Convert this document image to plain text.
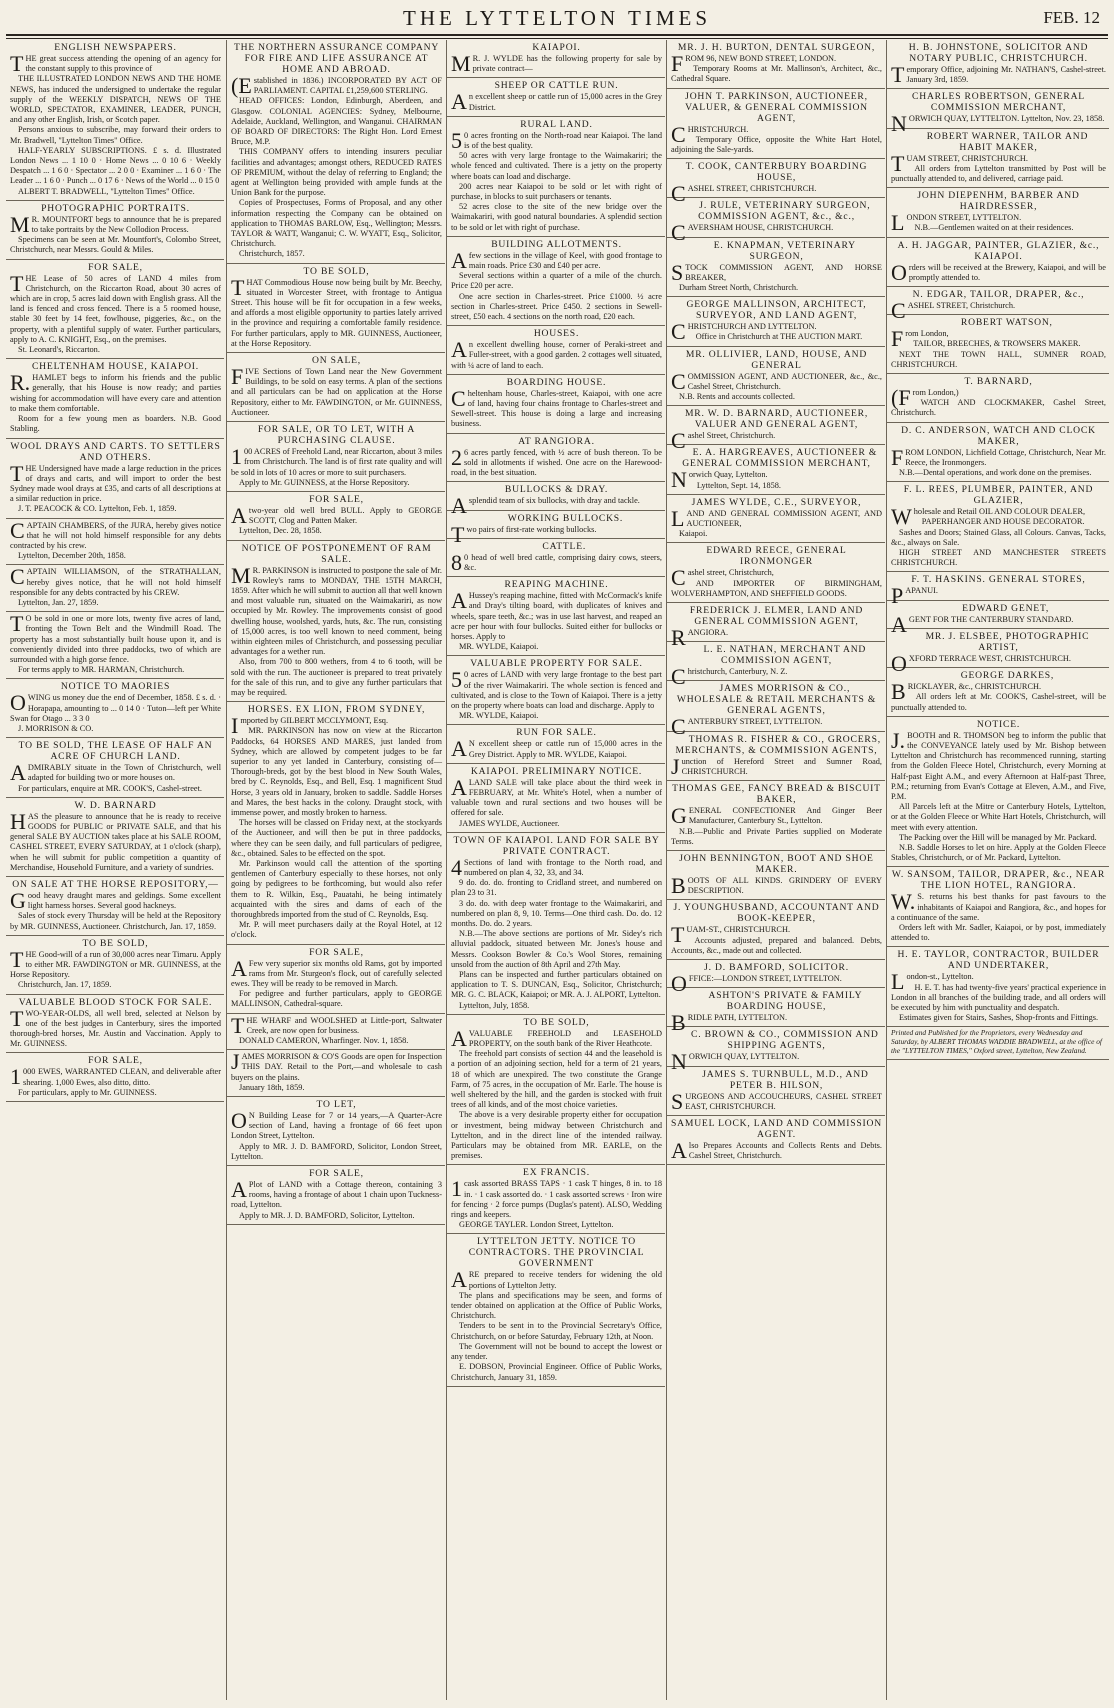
THE LYTTELTON TIMES	FEB. 12
ENGLISH NEWSPAPERS.

THE great success attending the opening of an agency for the constant supply to this province of

THE ILLUSTRATED LONDON NEWS AND THE HOME NEWS, has induced the undersigned to undertake the regular supply of the WEEKLY DISPATCH, NEWS OF THE WORLD, SPECTATOR, EXAMINER, LEADER, PUNCH, and any other English, Irish, or Scotch paper.

Persons anxious to subscribe, may forward their orders to Mr. Bradwell, "Lyttelton Times" Office.

HALF-YEARLY SUBSCRIPTIONS. £ s. d. Illustrated London News ... 1 10 0 · Home News ... 0 10 6 · Weekly Despatch ... 1 6 0 · Spectator ... 2 0 0 · Examiner ... 1 6 0 · The Leader ... 1 6 0 · Punch ... 0 17 6 · News of the World ... 0 15 0

ALBERT T. BRADWELL, "Lyttelton Times" Office.

PHOTOGRAPHIC PORTRAITS.

MR. MOUNTFORT begs to announce that he is prepared to take portraits by the New Collodion Process.

Specimens can be seen at Mr. Mountfort's, Colombo Street, Christchurch, near Messrs. Gould & Miles.

FOR SALE,

THE Lease of 50 acres of LAND 4 miles from Christchurch, on the Riccarton Road, about 30 acres of which are in crop, 5 acres laid down with English grass. All the land is fenced and cross fenced. There is a 5 roomed house, stable 30 feet by 14 feet, fowlhouse, piggeries, &c., on the property, with a plentiful supply of water. Further particulars, apply to A. C. KNIGHT, Esq., on the premises.

St. Leonard's, Riccarton.

CHELTENHAM HOUSE, KAIAPOI.

R.HAMLET begs to inform his friends and the public generally, that his House is now ready; and parties wishing for accommodation will have every care and attention to make them comfortable.

Room for a few young men as boarders. N.B. Good Stabling.

WOOL DRAYS AND CARTS. TO SETTLERS AND OTHERS.

THE Undersigned have made a large reduction in the prices of drays and carts, and will import to order the best Sydney made wool drays at £35, and carts of all descriptions at a similar reduction in price.

J. T. PEACOCK & CO. Lyttelton, Feb. 1, 1859.

CAPTAIN CHAMBERS, of the JURA, hereby gives notice that he will not hold himself responsible for any debts contracted by his crew.

Lyttelton, December 20th, 1858.

CAPTAIN WILLIAMSON, of the STRATHALLAN, hereby gives notice, that he will not hold himself responsible for any debts contracted by his CREW.

Lyttelton, Jan. 27, 1859.

TO be sold in one or more lots, twenty five acres of land, fronting the Town Belt and the Windmill Road. The property has a most substantially built house upon it, and is conveniently divided into three paddocks, two of which are surrounded with a high gorse fence.

For terms apply to MR. HARMAN, Christchurch.

NOTICE TO MAORIES

OWING us money due the end of December, 1858. £ s. d. · Horapapa, amounting to ... 0 14 0 · Tuton—left per White Swan for Otago ... 3 3 0

J. MORRISON & CO.

TO BE SOLD, THE LEASE OF HALF AN ACRE OF CHURCH LAND.

ADMIRABLY situate in the Town of Christchurch, well adapted for building two or more houses on.

For particulars, enquire at MR. COOK'S, Cashel-street.

W. D. BARNARD

HAS the pleasure to announce that he is ready to receive GOODS for PUBLIC or PRIVATE SALE, and that his general SALE BY AUCTION takes place at his SALE ROOM, CASHEL STREET, EVERY SATURDAY, at 1 o'clock (sharp), when he will submit for public competition a quantity of Merchandise, Household Furniture, and a variety of sundries.

ON SALE AT THE HORSE REPOSITORY,—

Good heavy draught mares and geldings. Some excellent light harness horses. Several good hackneys.

Sales of stock every Thursday will be held at the Repository by MR. GUINNESS, Auctioneer. Christchurch, Jan. 17, 1859.

TO BE SOLD,

THE Good-will of a run of 30,000 acres near Timaru. Apply to either MR. FAWDINGTON or MR. GUINNESS, at the Horse Repository.

Christchurch, Jan. 17, 1859.

VALUABLE BLOOD STOCK FOR SALE.

TWO-YEAR-OLDS, all well bred, selected at Nelson by one of the best judges in Canterbury, sires the imported thorough-bred horses, Mr. Austin and Vaccination. Apply to Mr. GUINNESS.

FOR SALE,

1000 EWES, WARRANTED CLEAN, and deliverable after shearing. 1,000 Ewes, also ditto, ditto.

For particulars, apply to Mr. GUINNESS.

THE NORTHERN ASSURANCE COMPANY FOR FIRE AND LIFE ASSURANCE AT HOME AND ABROAD.

(Established in 1836.) INCORPORATED BY ACT OF PARLIAMENT. CAPITAL £1,259,600 STERLING.

HEAD OFFICES: London, Edinburgh, Aberdeen, and Glasgow. COLONIAL AGENCIES: Sydney, Melbourne, Adelaide, Auckland, Wellington, and Wanganui. CHAIRMAN OF BOARD OF DIRECTORS: The Right Hon. Lord Ernest Bruce, M.P.

THIS COMPANY offers to intending insurers peculiar facilities and advantages; amongst others, REDUCED RATES OF PREMIUM, without the delay of referring to England; the agent at Wellington being provided with ample funds at the Union Bank for the purpose.

Copies of Prospectuses, Forms of Proposal, and any other information respecting the Company can be obtained on application to THOMAS BARLOW, Esq., Wellington; Messrs. TAYLOR & WATT, Wanganui; C. W. WYATT, Esq., Solicitor, Christchurch.

Christchurch, 1857.

TO BE SOLD,

THAT Commodious House now being built by Mr. Beechy, situated in Worcester Street, with frontage to Antigua Street. This house will be fit for occupation in a few weeks, and affords a most eligible opportunity to parties lately arrived in the province and requiring a comfortable family residence. For further particulars, apply to MR. GUINNESS, Auctioneer, at the Horse Repository.

ON SALE,

FIVE Sections of Town Land near the New Government Buildings, to be sold on easy terms. A plan of the sections and all particulars can be had on application at the Horse Repository, either to Mr. FAWDINGTON, or Mr. GUINNESS, Auctioneer.

FOR SALE, OR TO LET, WITH A PURCHASING CLAUSE.

100 ACRES of Freehold Land, near Riccarton, about 3 miles from Christchurch. The land is of first rate quality and will be sold in lots of 10 acres or more to suit purchasers.

Apply to Mr. GUINNESS, at the Horse Repository.

FOR SALE,

Atwo-year old well bred BULL. Apply to GEORGE SCOTT, Clog and Patten Maker.

Lyttelton, Dec. 28, 1858.

NOTICE OF POSTPONEMENT OF RAM SALE.

MR. PARKINSON is instructed to postpone the sale of Mr. Rowley's rams to MONDAY, THE 15TH MARCH, 1859. After which he will submit to auction all that well known and most valuable run, situated on the Waimakariri, as now occupied by Mr. Rowley. The improvements consist of good dwelling house, woolshed, yards, huts, &c. The run, consisting of 15,000 acres, is too well known to need comment, being within eighteen miles of Christchurch, and possessing peculiar advantages for a wether run.

Also, from 700 to 800 wethers, from 4 to 6 tooth, will be sold with the run. The auctioneer is prepared to treat privately for the sale of this run, and to give any further particulars that may be required.

HORSES. EX LION, FROM SYDNEY,

Imported by GILBERT MCCLYMONT, Esq.

MR. PARKINSON has now on view at the Riccarton Paddocks, 64 HORSES AND MARES, just landed from Sydney, which are allowed by competent judges to be far superior to any yet landed in Canterbury, consisting of—Thorough-breds, got by the best blood in New South Wales, bred by C. Reynolds, Esq., and Bell, Esq. 1 magnificent Stud Horse, 3 years old in January, broken to saddle. Saddle Horses and Mares, the best hacks in the colony. Draught stock, with immense power, and mostly broken to harness.

The horses will be classed on Friday next, at the stockyards of the Auctioneer, and will then be put in three paddocks, where they can be seen daily, and full particulars of pedigree, &c., obtained. Sales to be effected on the spot.

Mr. Parkinson would call the attention of the sporting gentlemen of Canterbury especially to these horses, not only going by pedigrees to be forthcoming, but would also refer them to R. Wilkin, Esq., Pauatahi, he being intimately acquainted with the sires and dams of each of the thoroughbreds imported from the stud of C. Reynolds, Esq.

Mr. P. will meet purchasers daily at the Royal Hotel, at 12 o'clock.

FOR SALE,

AFew very superior six months old Rams, got by imported rams from Mr. Sturgeon's flock, out of carefully selected ewes. They will be ready to be removed in March.

For pedigree and further particulars, apply to GEORGE MALLINSON, Cathedral-square.

THE WHARF and WOOLSHED at Little-port, Saltwater Creek, are now open for business.

DONALD CAMERON, Wharfinger. Nov. 1, 1858.

JAMES MORRISON & CO'S Goods are open for Inspection THIS DAY. Retail to the Port,—and wholesale to cash buyers on the plains.

January 18th, 1859.

TO LET,

ON Building Lease for 7 or 14 years,—A Quarter-Acre section of Land, having a frontage of 66 feet upon London Street, Lyttelton.

Apply to MR. J. D. BAMFORD, Solicitor, London Street, Lyttelton.

FOR SALE,

APlot of LAND with a Cottage thereon, containing 3 rooms, having a frontage of about 1 chain upon Tuckness-road, Lyttelton.

Apply to MR. J. D. BAMFORD, Solicitor, Lyttelton.

KAIAPOI.

MR. J. WYLDE has the following property for sale by private contract—

SHEEP OR CATTLE RUN.

An excellent sheep or cattle run of 15,000 acres in the Grey District.

RURAL LAND.

50 acres fronting on the North-road near Kaiapoi. The land is of the best quality.

50 acres with very large frontage to the Waimakariri; the whole fenced and cultivated. There is a jetty on the property where boats can load and discharge.

200 acres near Kaiapoi to be sold or let with right of purchase, in blocks to suit purchasers or tenants.

52 acres close to the site of the new bridge over the Waimakariri, with good natural boundaries. A splendid section to be sold or let with right of purchase.

BUILDING ALLOTMENTS.

Afew sections in the village of Keel, with good frontage to main roads. Price £30 and £40 per acre.

Several sections within a quarter of a mile of the church. Price £20 per acre.

One acre section in Charles-street. Price £1000. ½ acre section in Charles-street. Price £450. 2 sections in Sewell-street, £50 each. 4 sections on the north road, £20 each.

HOUSES.

An excellent dwelling house, corner of Peraki-street and Fuller-street, with a good garden. 2 cottages well situated, with ¼ acre of land to each.

BOARDING HOUSE.

Cheltenham house, Charles-street, Kaiapoi, with one acre of land, having four chains frontage to Charles-street and Sewell-street. This house is doing a large and increasing business.

AT RANGIORA.

26 acres partly fenced, with ½ acre of bush thereon. To be sold in allotments if wished. One acre on the Harewood-road, in the best situation.

BULLOCKS & DRAY.

Asplendid team of six bullocks, with dray and tackle.

WORKING BULLOCKS.

Two pairs of first-rate working bullocks.

CATTLE.

80 head of well bred cattle, comprising dairy cows, steers, &c.

REAPING MACHINE.

AHussey's reaping machine, fitted with McCormack's knife and Dray's tilting board, with duplicates of knives and wheels, spare teeth, &c.; was in use last harvest, and reaped an acre per hour with four bullocks. Suited either for bullocks or horses. Apply to

MR. WYLDE, Kaiapoi.

VALUABLE PROPERTY FOR SALE.

50 acres of LAND with very large frontage to the best part of the river Waimakariri. The whole section is fenced and cultivated, and is close to the Town of Kaiapoi. There is a jetty on the property where boats can load and discharge. Apply to

MR. WYLDE, Kaiapoi.

RUN FOR SALE.

AN excellent sheep or cattle run of 15,000 acres in the Grey District. Apply to MR. WYLDE, Kaiapoi.

KAIAPOI. PRELIMINARY NOTICE.

ALAND SALE will take place about the third week in FEBRUARY, at Mr. White's Hotel, when a number of valuable town and rural sections and two houses will be offered for sale.

JAMES WYLDE, Auctioneer.

TOWN OF KAIAPOI. LAND FOR SALE BY PRIVATE CONTRACT.

4Sections of land with frontage to the North road, and numbered on plan 4, 32, 33, and 34.

9 do. do. do. fronting to Cridland street, and numbered on plan 23 to 31.

3 do. do. with deep water frontage to the Waimakariri, and numbered on plan 8, 9, 10. Terms—One third cash. Do. do. 12 months. Do. do. 2 years.

N.B.—The above sections are portions of Mr. Sidey's rich alluvial paddock, situated between Mr. Jones's house and Messrs. Cookson Bowler & Co.'s Wool Stores, remaining unsold from the auction of 8th April and 27th May.

Plans can be inspected and further particulars obtained on application to T. S. DUNCAN, Esq., Solicitor, Christchurch; MR. G. C. BLACK, Kaiapoi; or MR. A. J. ALPORT, Lyttelton.

Lyttelton, July, 1858.

TO BE SOLD,

AVALUABLE FREEHOLD and LEASEHOLD PROPERTY, on the south bank of the River Heathcote.

The freehold part consists of section 44 and the leasehold is a portion of an adjoining section, held for a term of 21 years, 18 of which are unexpired. The two constitute the Grange Farm, of 75 acres, in the occupation of Mr. Earle. The house is well sheltered by the hill, and the garden is stocked with fruit trees of all kinds, and of the most choice varieties.

The above is a very desirable property either for occupation or investment, being midway between Christchurch and Lyttelton, and in the direct line of the intended railway. Particulars may be obtained from MR. EARLE, on the premises.

EX FRANCIS.

1cask assorted BRASS TAPS · 1 cask T hinges, 8 in. to 18 in. · 1 cask assorted do. · 1 cask assorted screws · Iron wire for fencing · 2 force pumps (Duglas's patent). ALSO, Wedding rings and keepers.

GEORGE TAYLER. London Street, Lyttelton.

LYTTELTON JETTY. NOTICE TO CONTRACTORS. THE PROVINCIAL GOVERNMENT

ARE prepared to receive tenders for widening the old portions of Lyttelton Jetty.

The plans and specifications may be seen, and forms of tender obtained on application at the Office of Public Works, Christchurch.

Tenders to be sent in to the Provincial Secretary's Office, Christchurch, on or before Saturday, February 12th, at Noon.

The Government will not be bound to accept the lowest or any tender.

E. DOBSON, Provincial Engineer. Office of Public Works, Christchurch, January 31, 1859.

MR. J. H. BURTON, DENTAL SURGEON,

FROM 96, NEW BOND STREET, LONDON.

Temporary Rooms at Mr. Mallinson's, Architect, &c., Cathedral Square.

JOHN T. PARKINSON, AUCTIONEER, VALUER, & GENERAL COMMISSION AGENT,

CHRISTCHURCH.

Temporary Office, opposite the White Hart Hotel, adjoining the Sale-yards.

T. COOK, CANTERBURY BOARDING HOUSE,

CASHEL STREET, CHRISTCHURCH.

J. RULE, VETERINARY SURGEON, COMMISSION AGENT, &c., &c.,

CAVERSHAM HOUSE, CHRISTCHURCH.

E. KNAPMAN, VETERINARY SURGEON,

STOCK COMMISSION AGENT, AND HORSE BREAKER,

Durham Street North, Christchurch.

GEORGE MALLINSON, ARCHITECT, SURVEYOR, AND LAND AGENT,

CHRISTCHURCH AND LYTTELTON.

Office in Christchurch at THE AUCTION MART.

MR. OLLIVIER, LAND, HOUSE, AND GENERAL

COMMISSION AGENT, AND AUCTIONEER, &c., &c., Cashel Street, Christchurch.

N.B. Rents and accounts collected.

MR. W. D. BARNARD, AUCTIONEER, VALUER AND GENERAL AGENT,

Cashel Street, Christchurch.

E. A. HARGREAVES, AUCTIONEER & GENERAL COMMISSION MERCHANT,

Norwich Quay, Lyttelton.

Lyttelton, Sept. 14, 1858.

JAMES WYLDE, C.E., SURVEYOR,

LAND AND GENERAL COMMISSION AGENT, AND AUCTIONEER,

Kaiapoi.

EDWARD REECE, GENERAL IRONMONGER

Cashel street, Christchurch,

AND IMPORTER OF BIRMINGHAM, WOLVERHAMPTON, AND SHEFFIELD GOODS.

FREDERICK J. ELMER, LAND AND GENERAL COMMISSION AGENT,

RANGIORA.

L. E. NATHAN, MERCHANT AND COMMISSION AGENT,

Christchurch, Canterbury, N. Z.

JAMES MORRISON & CO., WHOLESALE & RETAIL MERCHANTS & GENERAL AGENTS,

CANTERBURY STREET, LYTTELTON.

THOMAS R. FISHER & CO., GROCERS, MERCHANTS, & COMMISSION AGENTS,

Junction of Hereford Street and Sumner Road, CHRISTCHURCH.

THOMAS GEE, FANCY BREAD & BISCUIT BAKER,

GENERAL CONFECTIONER And Ginger Beer Manufacturer, Canterbury St., Lyttelton.

N.B.—Public and Private Parties supplied on Moderate Terms.

JOHN BENNINGTON, BOOT AND SHOE MAKER.

BOOTS OF ALL KINDS. GRINDERY OF EVERY DESCRIPTION.

J. YOUNGHUSBAND, ACCOUNTANT AND BOOK-KEEPER,

TUAM-ST., CHRISTCHURCH.

Accounts adjusted, prepared and balanced. Debts, Accounts, &c., made out and collected.

J. D. BAMFORD, SOLICITOR.

OFFICE:—LONDON STREET, LYTTELTON.

ASHTON'S PRIVATE & FAMILY BOARDING HOUSE,

BRIDLE PATH, LYTTELTON.

C. BROWN & CO., COMMISSION AND SHIPPING AGENTS,

NORWICH QUAY, LYTTELTON.

JAMES S. TURNBULL, M.D., AND PETER B. HILSON,

SURGEONS AND ACCOUCHEURS, CASHEL STREET EAST, CHRISTCHURCH.

SAMUEL LOCK, LAND AND COMMISSION AGENT.

Also Prepares Accounts and Collects Rents and Debts. Cashel Street, Christchurch.

H. B. JOHNSTONE, SOLICITOR AND NOTARY PUBLIC, CHRISTCHURCH.

Temporary Office, adjoining Mr. NATHAN'S, Cashel-street. January 3rd, 1859.

CHARLES ROBERTSON, GENERAL COMMISSION MERCHANT,

NORWICH QUAY, LYTTELTON. Lyttelton, Nov. 23, 1858.

ROBERT WARNER, TAILOR AND HABIT MAKER,

TUAM STREET, CHRISTCHURCH.

All orders from Lyttelton transmitted by Post will be punctually attended to, and delivered, carriage paid.

JOHN DIEPENHM, BARBER AND HAIRDRESSER,

LONDON STREET, LYTTELTON.

N.B.—Gentlemen waited on at their residences.

A. H. JAGGAR, PAINTER, GLAZIER, &c., KAIAPOI.

Orders will be received at the Brewery, Kaiapoi, and will be promptly attended to.

N. EDGAR, TAILOR, DRAPER, &c.,

CASHEL STREET, Christchurch.

ROBERT WATSON,

From London,

TAILOR, BREECHES, & TROWSERS MAKER.

NEXT THE TOWN HALL, SUMNER ROAD, CHRISTCHURCH.

T. BARNARD,

(From London,)

WATCH AND CLOCKMAKER, Cashel Street, Christchurch.

D. C. ANDERSON, WATCH AND CLOCK MAKER,

FROM LONDON, Lichfield Cottage, Christchurch, Near Mr. Reece, the Ironmongers.

N.B.—Dental operations, and work done on the premises.

F. L. REES, PLUMBER, PAINTER, AND GLAZIER,

Wholesale and Retail OIL AND COLOUR DEALER,

PAPERHANGER AND HOUSE DECORATOR.

Sashes and Doors; Stained Glass, all Colours. Canvas, Tacks, &c., always on Sale.

HIGH STREET AND MANCHESTER STREETS CHRISTCHURCH.

F. T. HASKINS. GENERAL STORES,

PAPANUI.

EDWARD GENET,

AGENT FOR THE CANTERBURY STANDARD.

MR. J. ELSBEE, PHOTOGRAPHIC ARTIST,

OXFORD TERRACE WEST, CHRISTCHURCH.

GEORGE DARKES,

BRICKLAYER, &c., CHRISTCHURCH.

All orders left at Mr. COOK'S, Cashel-street, will be punctually attended to.

NOTICE.

J.BOOTH and R. THOMSON beg to inform the public that the CONVEYANCE lately used by Mr. Bishop between Lyttelton and Christchurch has recommenced running, starting from the Golden Fleece Hotel, Christchurch, every Morning at Half-past Eight A.M., and every Afternoon at Half-past Three, P.M.; returning from Evan's Cottage at Eleven, A.M., and Five, P.M.

All Parcels left at the Mitre or Canterbury Hotels, Lyttelton, or at the Golden Fleece or White Hart Hotels, Christchurch, will meet with every attention.

The Packing over the Hill will be managed by Mr. Packard.

N.B. Saddle Horses to let on hire. Apply at the Golden Fleece Stables, Christchurch, or of Mr. Packard, Lyttelton.

W. SANSOM, TAILOR, DRAPER, &c., NEAR THE LION HOTEL, RANGIORA.

W.S. returns his best thanks for past favours to the inhabitants of Kaiapoi and Rangiora, &c., and hopes for a continuance of the same.

Orders left with Mr. Sadler, Kaiapoi, or by post, immediately attended to.

H. E. TAYLOR, CONTRACTOR, BUILDER AND UNDERTAKER,

London-st., Lyttelton.

H. E. T. has had twenty-five years' practical experience in London in all branches of the building trade, and all orders will be executed by him with punctuality and despatch.

Estimates given for Stairs, Sashes, Shop-fronts and Fittings.

Printed and Published for the Proprietors, every Wednesday and Saturday, by ALBERT THOMAS WADDIE BRADWELL, at the office of the "LYTTELTON TIMES," Oxford street, Lyttelton, New Zealand.
